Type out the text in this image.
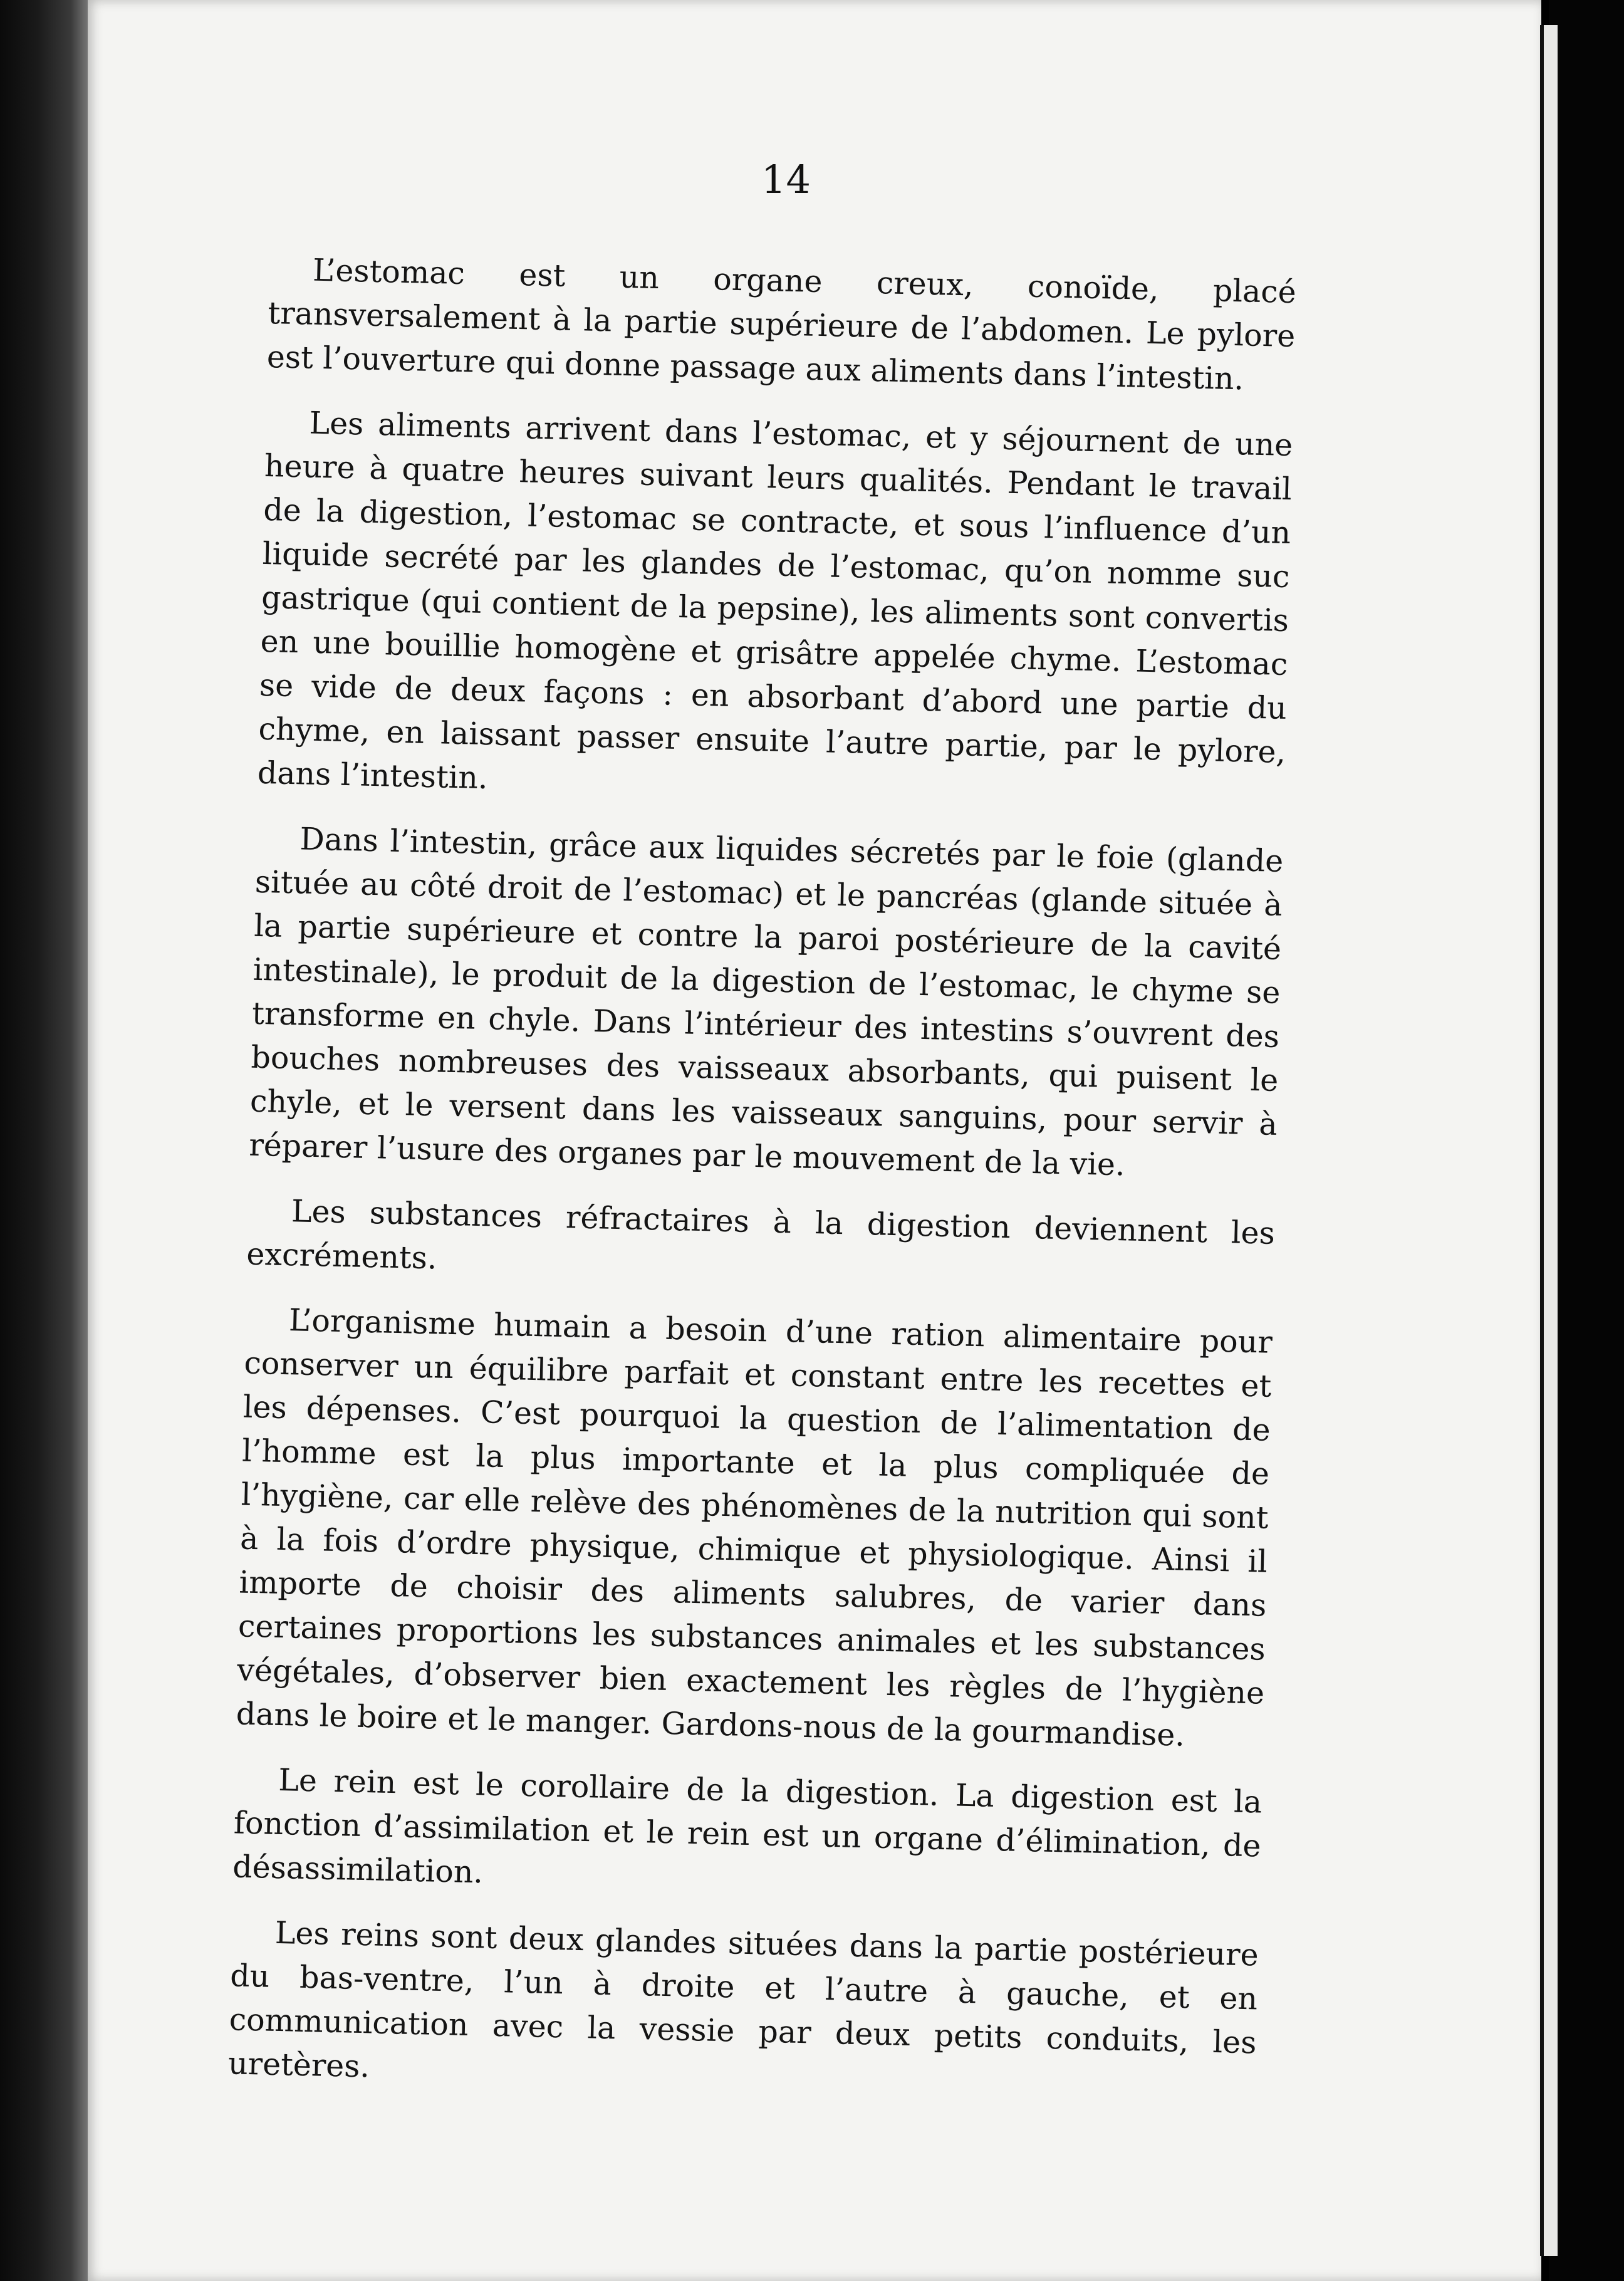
14

L’estomac est un organe creux, conoïde, placé transversalement à la partie supérieure de l’abdomen. Le pylore est l’ouverture qui donne passage aux aliments dans l’intestin.

Les aliments arrivent dans l’estomac, et y séjournent de une heure à quatre heures suivant leurs qualités. Pendant le travail de la digestion, l’estomac se contracte, et sous l’influence d’un liquide secrété par les glandes de l’estomac, qu’on nomme suc gastrique (qui contient de la pepsine), les aliments sont convertis en une bouillie homogène et grisâtre appelée chyme. L’estomac se vide de deux façons : en absorbant d’abord une partie du chyme, en laissant passer ensuite l’autre partie, par le pylore, dans l’intestin.

Dans l’intestin, grâce aux liquides sécretés par le foie (glande située au côté droit de l’estomac) et le pancréas (glande située à la partie supérieure et contre la paroi postérieure de la cavité intestinale), le produit de la digestion de l’estomac, le chyme se transforme en chyle. Dans l’intérieur des intestins s’ouvrent des bouches nombreuses des vaisseaux absorbants, qui puisent le chyle, et le versent dans les vaisseaux sanguins, pour servir à réparer l’usure des organes par le mouvement de la vie.

Les substances réfractaires à la digestion deviennent les excréments.

L’organisme humain a besoin d’une ration alimentaire pour conserver un équilibre parfait et constant entre les recettes et les dépenses. C’est pourquoi la question de l’alimentation de l’homme est la plus importante et la plus compliquée de l’hygiène, car elle relève des phénomènes de la nutrition qui sont à la fois d’ordre physique, chimique et physiologique. Ainsi il importe de choisir des aliments salubres, de varier dans certaines proportions les substances animales et les substances végétales, d’observer bien exactement les règles de l’hygiène dans le boire et le manger. Gardons-nous de la gourmandise.

Le rein est le corollaire de la digestion. La digestion est la fonction d’assimilation et le rein est un organe d’élimination, de désassimilation.

Les reins sont deux glandes situées dans la partie postérieure du bas-ventre, l’un à droite et l’autre à gauche, et en communication avec la vessie par deux petits conduits, les uretères.
